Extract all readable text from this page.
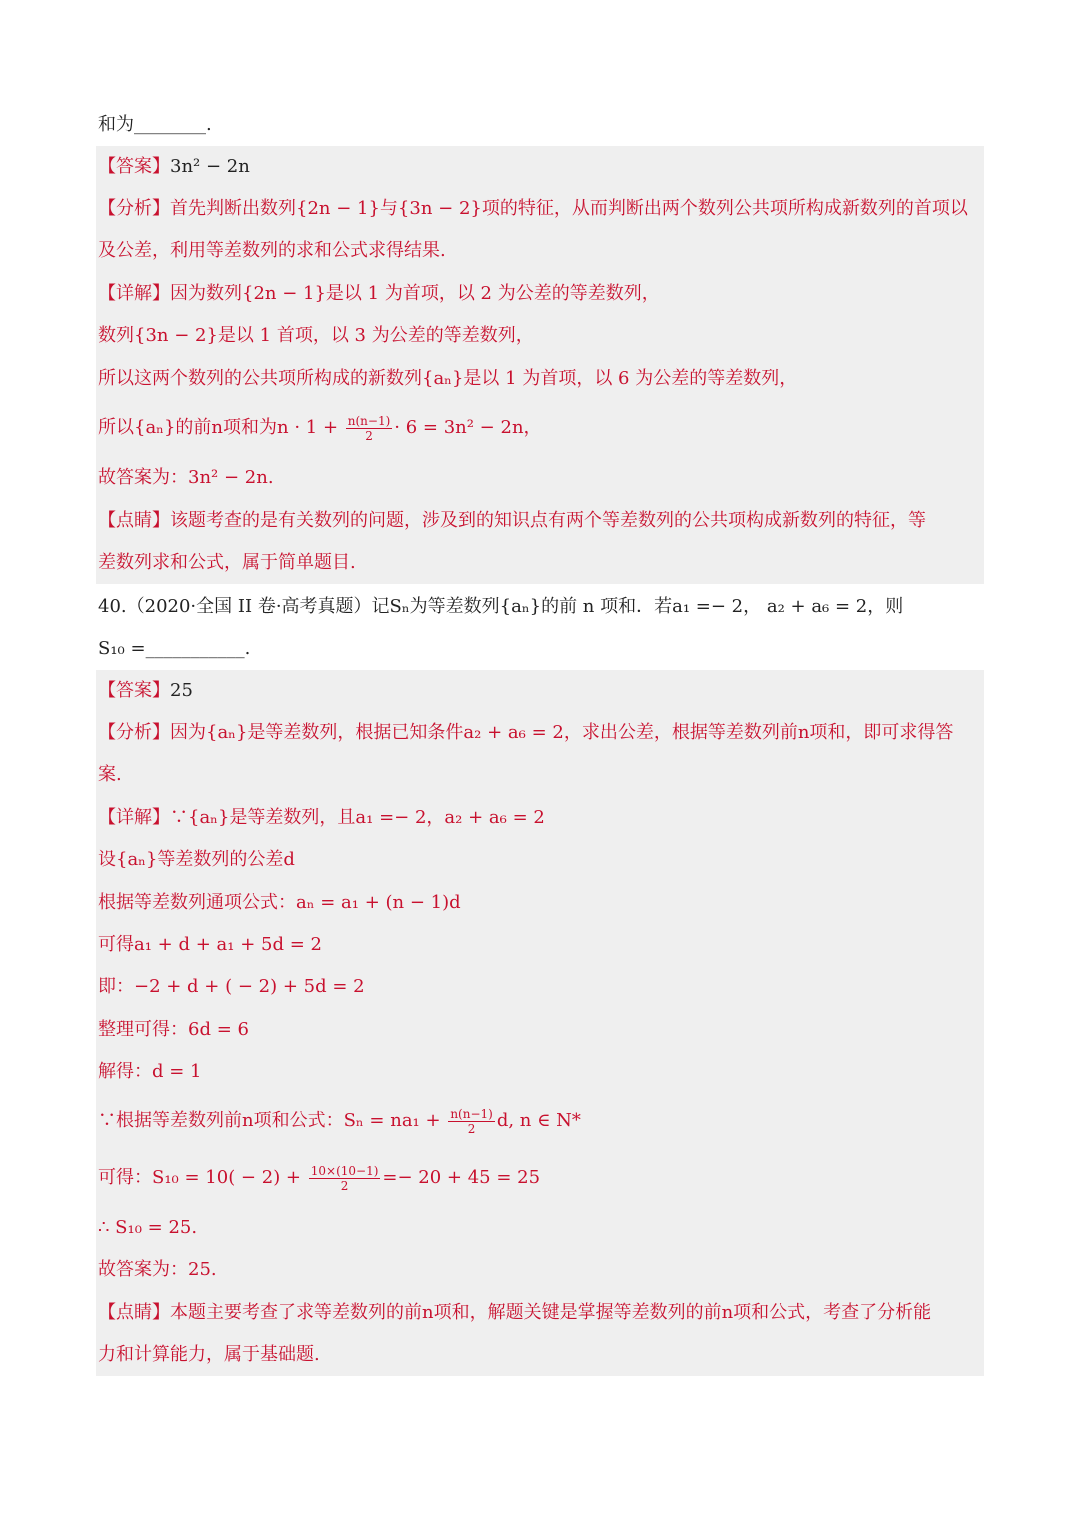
和为________.
【答案】3n² − 2n
【分析】首先判断出数列{2n − 1}与{3n − 2}项的特征，从而判断出两个数列公共项所构成新数列的首项以
及公差，利用等差数列的求和公式求得结果.
【详解】因为数列{2n − 1}是以 1 为首项，以 2 为公差的等差数列，
数列{3n − 2}是以 1 首项，以 3 为公差的等差数列，
所以这两个数列的公共项所构成的新数列{aₙ}是以 1 为首项，以 6 为公差的等差数列，
所以{aₙ}的前n项和为$n \cdot 1 + \frac{n(n-1)}{2} \cdot 6 = 3n^2 - 2n$，
故答案为：3n² − 2n.
【点睛】该题考查的是有关数列的问题，涉及到的知识点有两个等差数列的公共项构成新数列的特征，等
差数列求和公式，属于简单题目.
40.（2020·全国 II 卷·高考真题）记Sₙ为等差数列{aₙ}的前 n 项和．若a₁ =− 2， a₂ + a₆ = 2，则
S₁₀ =___________.
【答案】25
【分析】因为{aₙ}是等差数列，根据已知条件a₂ + a₆ = 2，求出公差，根据等差数列前n项和，即可求得答
案.
【详解】∵{aₙ}是等差数列，且a₁ =− 2，a₂ + a₆ = 2
设{aₙ}等差数列的公差d
根据等差数列通项公式：aₙ = a₁ + (n − 1)d
可得a₁ + d + a₁ + 5d = 2
即：−2 + d + ( − 2) + 5d = 2
整理可得：6d = 6
解得：d = 1
∵根据等差数列前n项和公式：$S_n = na_1 + \frac{n(n-1)}{2} d$, n ∈ N*
可得：$S_{10} = 10( - 2) + \frac{10\times(10-1)}{2} =- 20 + 45 = 25$
∴ S₁₀ = 25.
故答案为：25.
【点睛】本题主要考查了求等差数列的前n项和，解题关键是掌握等差数列的前n项和公式，考查了分析能
力和计算能力，属于基础题.
